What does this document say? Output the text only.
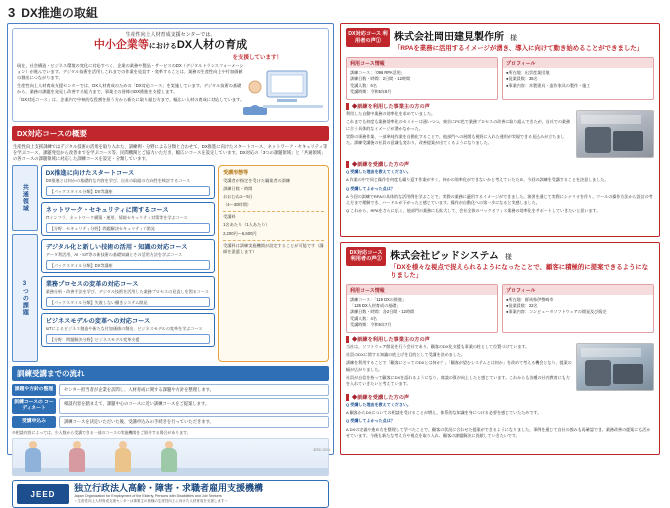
3 DX推進の取組
生産性向上人材育成支援センターでは、
中小企業等におけるDX人材の育成
を支援しています！

現在、社会構造・ビジネス環境の変化に対応すべく、企業の業務や製品・サービスのDX（デジタルトランスフォーメーション）が進んでいます。デジタル技術を活用しこれまでの作業を見直す・変革することは、業務の生産性向上や付加価値の創出につながります。

生産性向上人材育成支援センターでは、DX人材育成のための「DX対応コース」を実施しています。デジタル技術の基礎から、業務の課題を発見し改善する能力まで、事業主の皆様のDX推進を支援します。

「DX対応コース」は、企業内で中核的な役割を担う方から新たに取り組む方まで、幅広い人材の育成に対応しています。

DX対応コースの概要
生産性向上支援訓練ではデジタル技術の活用を取り入れた、訓練例・分野による分類と合わせて、DX推進に向けたスタートコース、ネットワーク・セキュリティ等を学ぶコース、課題発見から改善までを学ぶコース等、民間機関とご協力いただき、幅広いコースを設定しています。DX対応の「3つの課題領域」と「共通領域」の各コースの課題領域に対応した訓練コースを設定・分類しています。
共通領域
3つの課題
DX推進に向けたスタートコース
DX推進とは何かの基礎的な内容を学び、自社の取組の方向性を検討するコース
【パックスタイル分類】DX等講座
ネットワーク・セキュリティに関するコース
ITインフラ、ネットワーク構築・運用、情報セキュリティ対策等を学ぶコース
【分野：セキュリティ分野】問題解決セキュリティ / 開発
デジタル化と新しい技術の活用・知識の対応コース
データ利活用、AI・IoT等の新技術の基礎知識とその活用方法を学ぶコース
【パックスタイル分類】DX等講座
業務プロセスの変革の対応コース
業務分析・改善手法を学び、デジタル技術を活用した業務プロセスの見直しを図るコース
【パックスタイル分類】失敗しない働きシステム開発
ビジネスモデルの変革への対応コース
IoTによるビジネス創造や新たな付加価値の創出、ビジネスモデルの変革を学ぶコース
【分野：問題解決分野】ビジネスモデル変革支援
受講形態等
受講者が指定を受けた職業者の訓練
訓練日数・時間
おおむね1～5日
（4～30時間）
受講料
1名あたり（1人あたり）
2,200円～6,600円
受講料は訓練実施機関が設定することが可能です（講師を派遣します）
訓練受講までの流れ
課題や方針の整理	センター担当者が企業を訪問し、人材育成に関する課題や方針を整理します。
訓練コースの コーディネート
相談内容を踏まえて、課題中心のコースに近い訓練コースをご提案します。
受講申込み	訓練コースを決定いただいた後、受講申込みの手続きを行っていただきます。
※相談内容によっては、少人数から受講できる一部のコースの実施機関をご紹介する場合があります。
JEED
独立行政法人高齢・障害・求職者雇用支援機構
Japan Organization for Employment of the Elderly, Persons with Disabilities and Job Seekers
～生産性向上人材育成支援センターは事業主の皆様の生産性向上に向けた人材育成を支援します～
JEED 2024
DX対応コース 利用者の声①	株式会社岡田建見製作所 様
「RPAを業務に活用するイメージが湧き、導入に向けて動き始めることができました」
利用コース情報
訓練コース：「096 RPA活用」
訓練日数・時間：2日間・12時間
受講人数：6名
受講時期：令和5年8月
プロフィール
●所在地：出雲産業団地
●従業員数：35名
●事業内容：木製建具・造作家具の製作・施工
◆訓練を利用した事業主の方の声

利用した自動中業務の効率化を求めていました。

これまでも何度も業務効率化のセミナーは通いつつ、東京にPC色で業務プロセスの改善に取り組んできたが、自社での業務に合う具体的なイメージが湧かなかった。

実際の事務作業、一部単純作業を自動化することで、他部門への展開も視野に入れた運用が実現できる見込みが立ちました。訓練受講後の社員の意識も変わり、改善提案が出てくるようになりました。

◆訓練を受講した方の声

Q 受講した理由を教えてください。

A 作業の中で同じ操作を何度も繰り返す作業が多く、何かの効率化ができないかと考えていたため、今回の訓練を受講することを決意しました。

Q 受講してよかった点は？

A 今回の訓練でRPAの具体的な活用例を学ぶことで、実際の業務に適用するイメージができました。演習を通じて実際にシナリオを作り、ツールの操作方法から設計の考え方まで理解でき、ハードルが下がったと感じています。操作が自動化への第一歩になると実感しました。

Q これから、RPAをさらに広く、他部門の業務にも拡大して、会社全体のバックオフィス業務の効率化をサポートしていきたいと思います。

DX対応コース 利用者の声② 株式会社ビッドシステム 様
「DXを様々な視点で捉えられるようになったことで、顧客に積極的に提案できるようになりました」
利用コース情報
訓練コース：「119 DXの推進」
「126 DX人材育成の基礎」
訓練日数・時間：各2日間・12時間
受講人数：4名
受講時期：令和5年7月
プロフィール
●所在地：群馬県伊勢崎市
●従業員数：22名
●事業内容：コンピュータソフトウェアの開発及び販売
◆訓練を利用した事業主の方の声

当社は、ソフトウェア開発を行う会社であり、顧客のDX化支援も事業の柱として位置づけています。

社員のDXに関する知識の底上げを目的として受講を決めました。

訓練を利用することで「顧客にとってのDXとは何か？」「顧客が望むシステムとは何か」を改めて考える機会となり、提案の幅が広がりました。

社員が自信を持って顧客にDXを語れるようになり、商談の質が向上したと感じています。これからも各種の社内教育にも力を入れていきたいと考えています。

◆訓練を受講した方の声

Q 受講した理由を教えてください。

A 顧客からDXについての相談を受けることが増え、体系的な知識を身につける必要を感じていたためです。

Q 受講してよかった点は？

A DXの定義や進め方を整理して学べたことで、顧客の状況に合わせた提案ができるようになりました。事例を通じて自社の強みも再確認でき、業務改善の提案にも活かせています。今後も新たな考え方や視点を取り入れ、顧客の課題解決に貢献していきたいです。
